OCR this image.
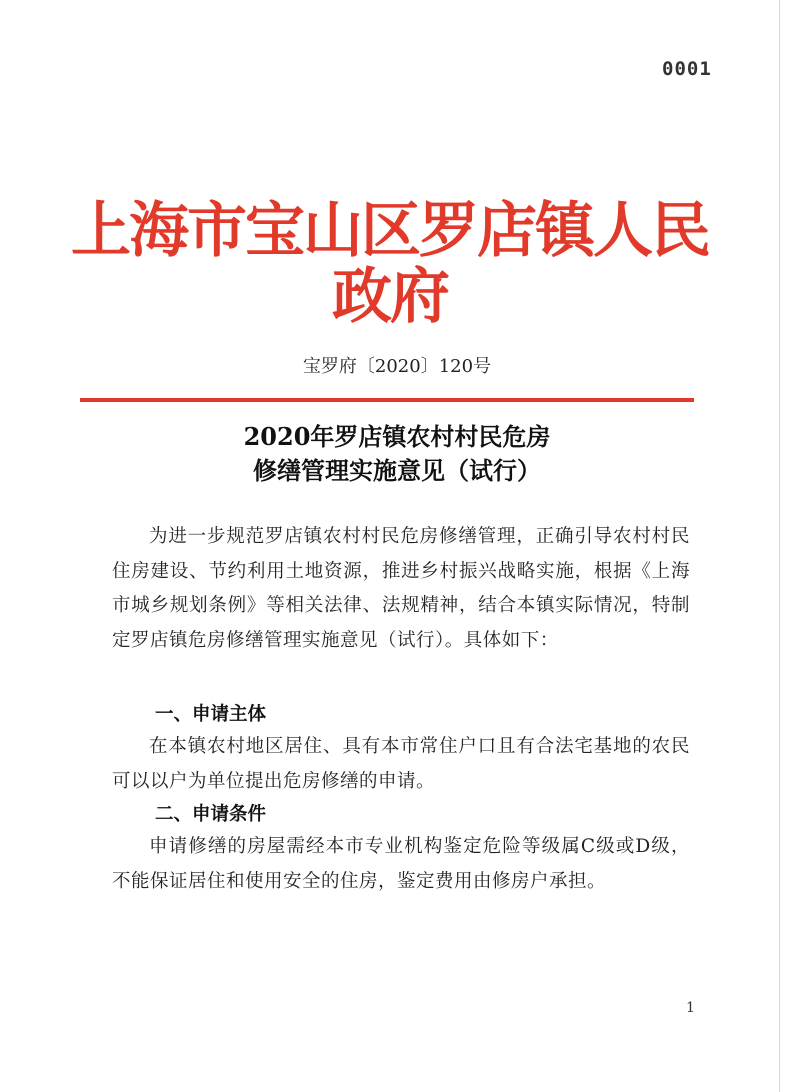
0001
上海市宝山区罗店镇人民政府
宝罗府〔2020〕120号
2020年罗店镇农村村民危房
修缮管理实施意见（试行）

为进一步规范罗店镇农村村民危房修缮管理，正确引导农村村民住房建设、节约利用土地资源，推进乡村振兴战略实施，根据《上海市城乡规划条例》等相关法律、法规精神，结合本镇实际情况，特制定罗店镇危房修缮管理实施意见（试行）。具体如下：

一、申请主体

在本镇农村地区居住、具有本市常住户口且有合法宅基地的农民可以以户为单位提出危房修缮的申请。

二、申请条件

申请修缮的房屋需经本市专业机构鉴定危险等级属C级或D级，不能保证居住和使用安全的住房，鉴定费用由修房户承担。

1
